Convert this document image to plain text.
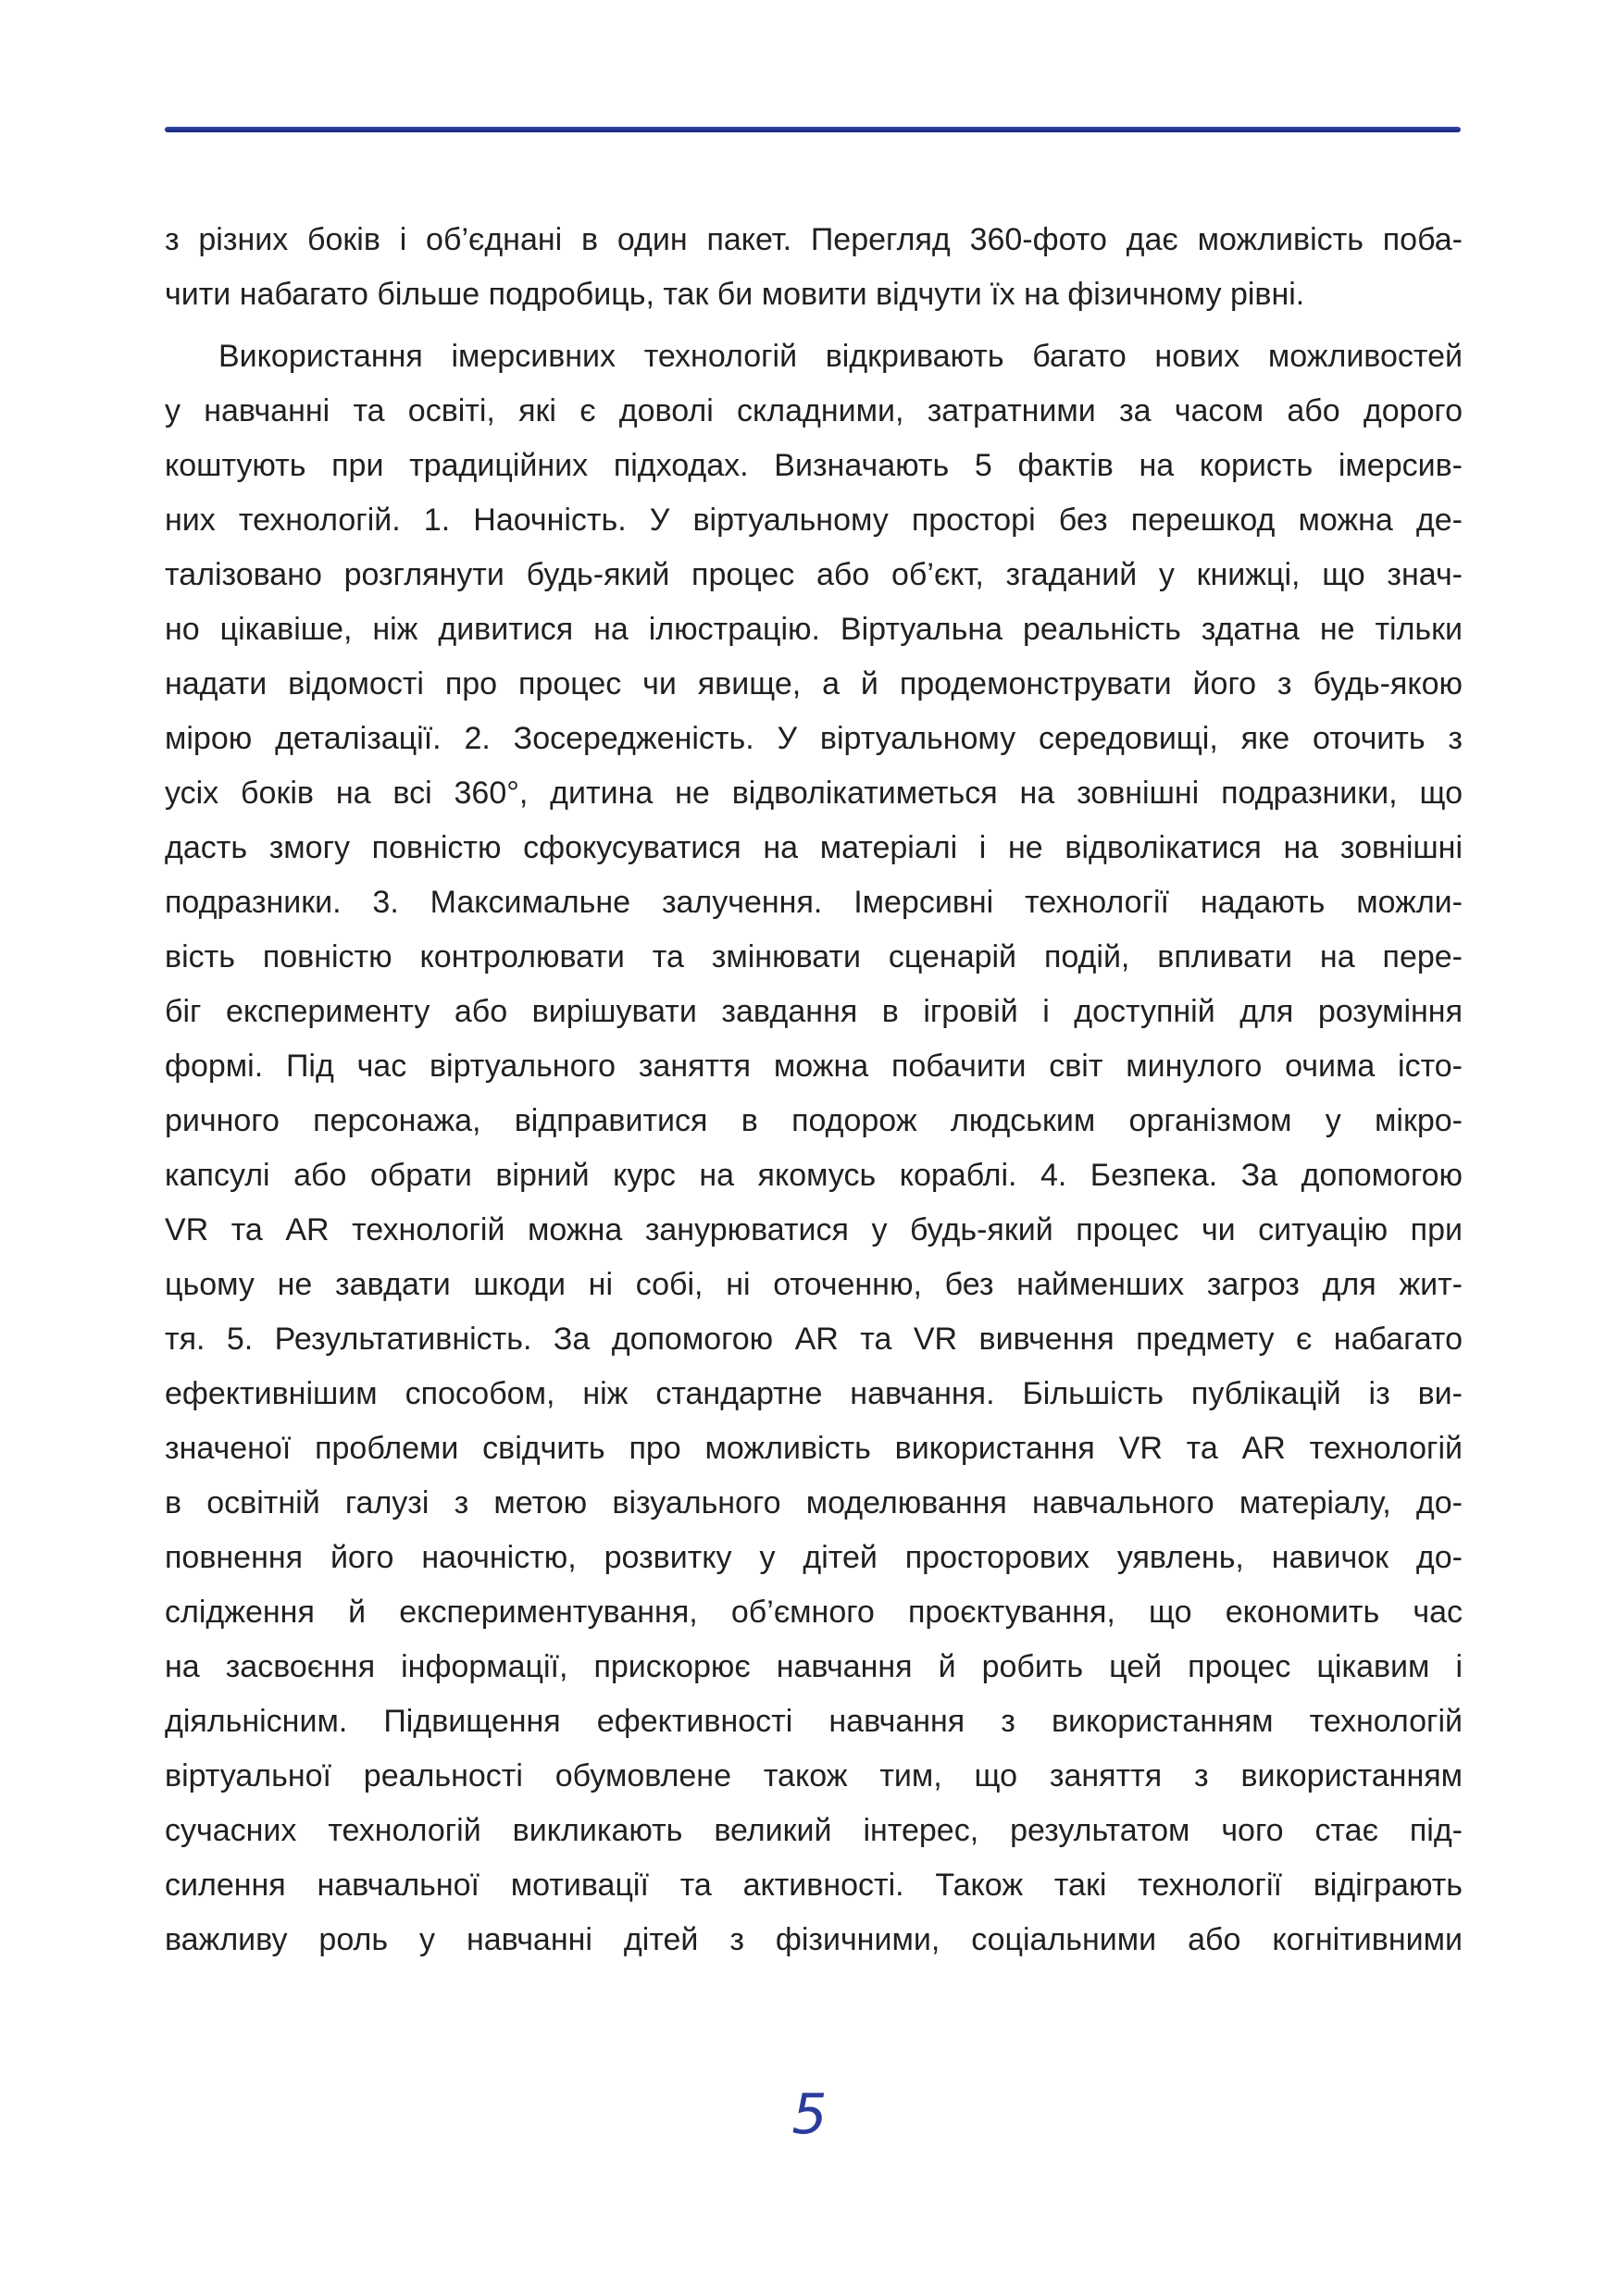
з різних боків і об’єднані в один пакет. Перегляд 360-фото дає можливість поба-
чити набагато більше подробиць, так би мовити відчути їх на фізичному рівні.
Використання імерсивних технологій відкривають багато нових можливостей
у навчанні та освіті, які є доволі складними, затратними за часом або дорого
коштують при традиційних підходах. Визначають 5 фактів на користь імерсив-
них технологій. 1. Наочність. У віртуальному просторі без перешкод можна де-
талізовано розглянути будь-який процес або об’єкт, згаданий у книжці, що знач-
но цікавіше, ніж дивитися на ілюстрацію. Віртуальна реальність здатна не тільки
надати відомості про процес чи явище, а й продемонструвати його з будь-якою
мірою деталізації. 2. Зосередженість. У віртуальному середовищі, яке оточить з
усіх боків на всі 360°, дитина не відволікатиметься на зовнішні подразники, що
дасть змогу повністю сфокусуватися на матеріалі і не відволікатися на зовнішні
подразники. 3. Максимальне залучення. Імерсивні технології надають можли-
вість повністю контролювати та змінювати сценарій подій, впливати на пере-
біг експерименту або вирішувати завдання в ігровій і доступній для розуміння
формі. Під час віртуального заняття можна побачити світ минулого очима істо-
ричного персонажа, відправитися в подорож людським організмом у мікро-
капсулі або обрати вірний курс на якомусь кораблі. 4. Безпека. За допомогою
VR та AR технологій можна занурюватися у будь-який процес чи ситуацію при
цьому не завдати шкоди ні собі, ні оточенню, без найменших загроз для жит-
тя. 5. Результативність. За допомогою AR та VR вивчення предмету є набагато
ефективнішим способом, ніж стандартне навчання. Більшість публікацій із ви-
значеної проблеми свідчить про можливість використання VR та AR технологій
в освітній галузі з метою візуального моделювання навчального матеріалу, до-
повнення його наочністю, розвитку у дітей просторових уявлень, навичок до-
слідження й експериментування, об’ємного проєктування, що економить час
на засвоєння інформації, прискорює навчання й робить цей процес цікавим і
діяльнісним. Підвищення ефективності навчання з використанням технологій
віртуальної реальності обумовлене також тим, що заняття з використанням
сучасних технологій викликають великий інтерес, результатом чого стає під-
силення навчальної мотивації та активності. Також такі технології відіграють
важливу роль у навчанні дітей з фізичними, соціальними або когнітивними
5
